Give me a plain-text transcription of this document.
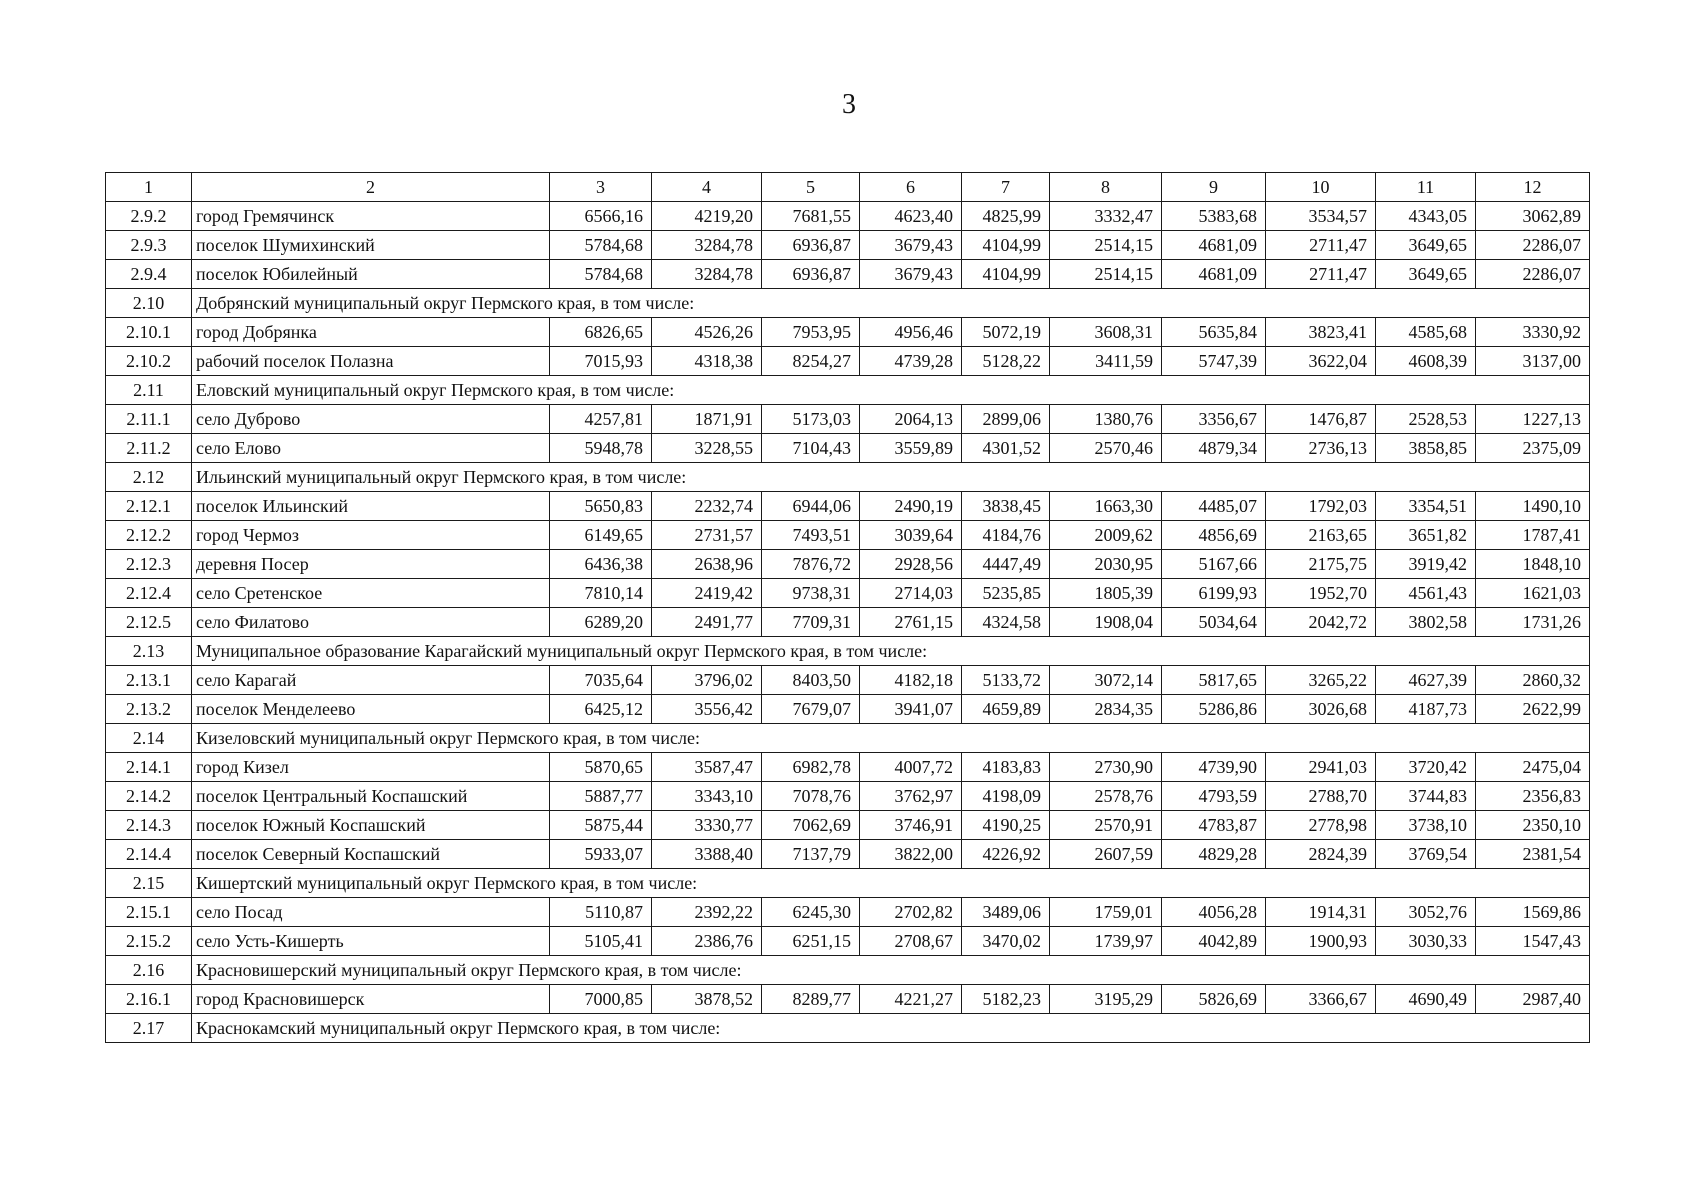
3
1	2	3	4	5	6	7	8	9	10	11	12
2.9.2	город Гремячинск	6566,16	4219,20	7681,55	4623,40	4825,99	3332,47	5383,68	3534,57	4343,05	3062,89
2.9.3	поселок Шумихинский	5784,68	3284,78	6936,87	3679,43	4104,99	2514,15	4681,09	2711,47	3649,65	2286,07
2.9.4	поселок Юбилейный	5784,68	3284,78	6936,87	3679,43	4104,99	2514,15	4681,09	2711,47	3649,65	2286,07
2.10	Добрянский муниципальный округ Пермского края, в том числе:										
2.10.1	город Добрянка	6826,65	4526,26	7953,95	4956,46	5072,19	3608,31	5635,84	3823,41	4585,68	3330,92
2.10.2	рабочий поселок Полазна	7015,93	4318,38	8254,27	4739,28	5128,22	3411,59	5747,39	3622,04	4608,39	3137,00
2.11	Еловский муниципальный округ Пермского края, в том числе:										
2.11.1	село Дуброво	4257,81	1871,91	5173,03	2064,13	2899,06	1380,76	3356,67	1476,87	2528,53	1227,13
2.11.2	село Елово	5948,78	3228,55	7104,43	3559,89	4301,52	2570,46	4879,34	2736,13	3858,85	2375,09
2.12	Ильинский муниципальный округ Пермского края, в том числе:										
2.12.1	поселок Ильинский	5650,83	2232,74	6944,06	2490,19	3838,45	1663,30	4485,07	1792,03	3354,51	1490,10
2.12.2	город Чермоз	6149,65	2731,57	7493,51	3039,64	4184,76	2009,62	4856,69	2163,65	3651,82	1787,41
2.12.3	деревня Посер	6436,38	2638,96	7876,72	2928,56	4447,49	2030,95	5167,66	2175,75	3919,42	1848,10
2.12.4	село Сретенское	7810,14	2419,42	9738,31	2714,03	5235,85	1805,39	6199,93	1952,70	4561,43	1621,03
2.12.5	село Филатово	6289,20	2491,77	7709,31	2761,15	4324,58	1908,04	5034,64	2042,72	3802,58	1731,26
2.13	Муниципальное образование Карагайский муниципальный округ Пермского края, в том числе:										
2.13.1	село Карагай	7035,64	3796,02	8403,50	4182,18	5133,72	3072,14	5817,65	3265,22	4627,39	2860,32
2.13.2	поселок Менделеево	6425,12	3556,42	7679,07	3941,07	4659,89	2834,35	5286,86	3026,68	4187,73	2622,99
2.14	Кизеловский муниципальный округ Пермского края, в том числе:										
2.14.1	город Кизел	5870,65	3587,47	6982,78	4007,72	4183,83	2730,90	4739,90	2941,03	3720,42	2475,04
2.14.2	поселок Центральный Коспашский	5887,77	3343,10	7078,76	3762,97	4198,09	2578,76	4793,59	2788,70	3744,83	2356,83
2.14.3	поселок Южный Коспашский	5875,44	3330,77	7062,69	3746,91	4190,25	2570,91	4783,87	2778,98	3738,10	2350,10
2.14.4	поселок Северный Коспашский	5933,07	3388,40	7137,79	3822,00	4226,92	2607,59	4829,28	2824,39	3769,54	2381,54
2.15	Кишертский муниципальный округ Пермского края, в том числе:										
2.15.1	село Посад	5110,87	2392,22	6245,30	2702,82	3489,06	1759,01	4056,28	1914,31	3052,76	1569,86
2.15.2	село Усть-Кишерть	5105,41	2386,76	6251,15	2708,67	3470,02	1739,97	4042,89	1900,93	3030,33	1547,43
2.16	Красновишерский муниципальный округ Пермского края, в том числе:										
2.16.1	город Красновишерск	7000,85	3878,52	8289,77	4221,27	5182,23	3195,29	5826,69	3366,67	4690,49	2987,40
2.17	Краснокамский муниципальный округ Пермского края, в том числе:										
